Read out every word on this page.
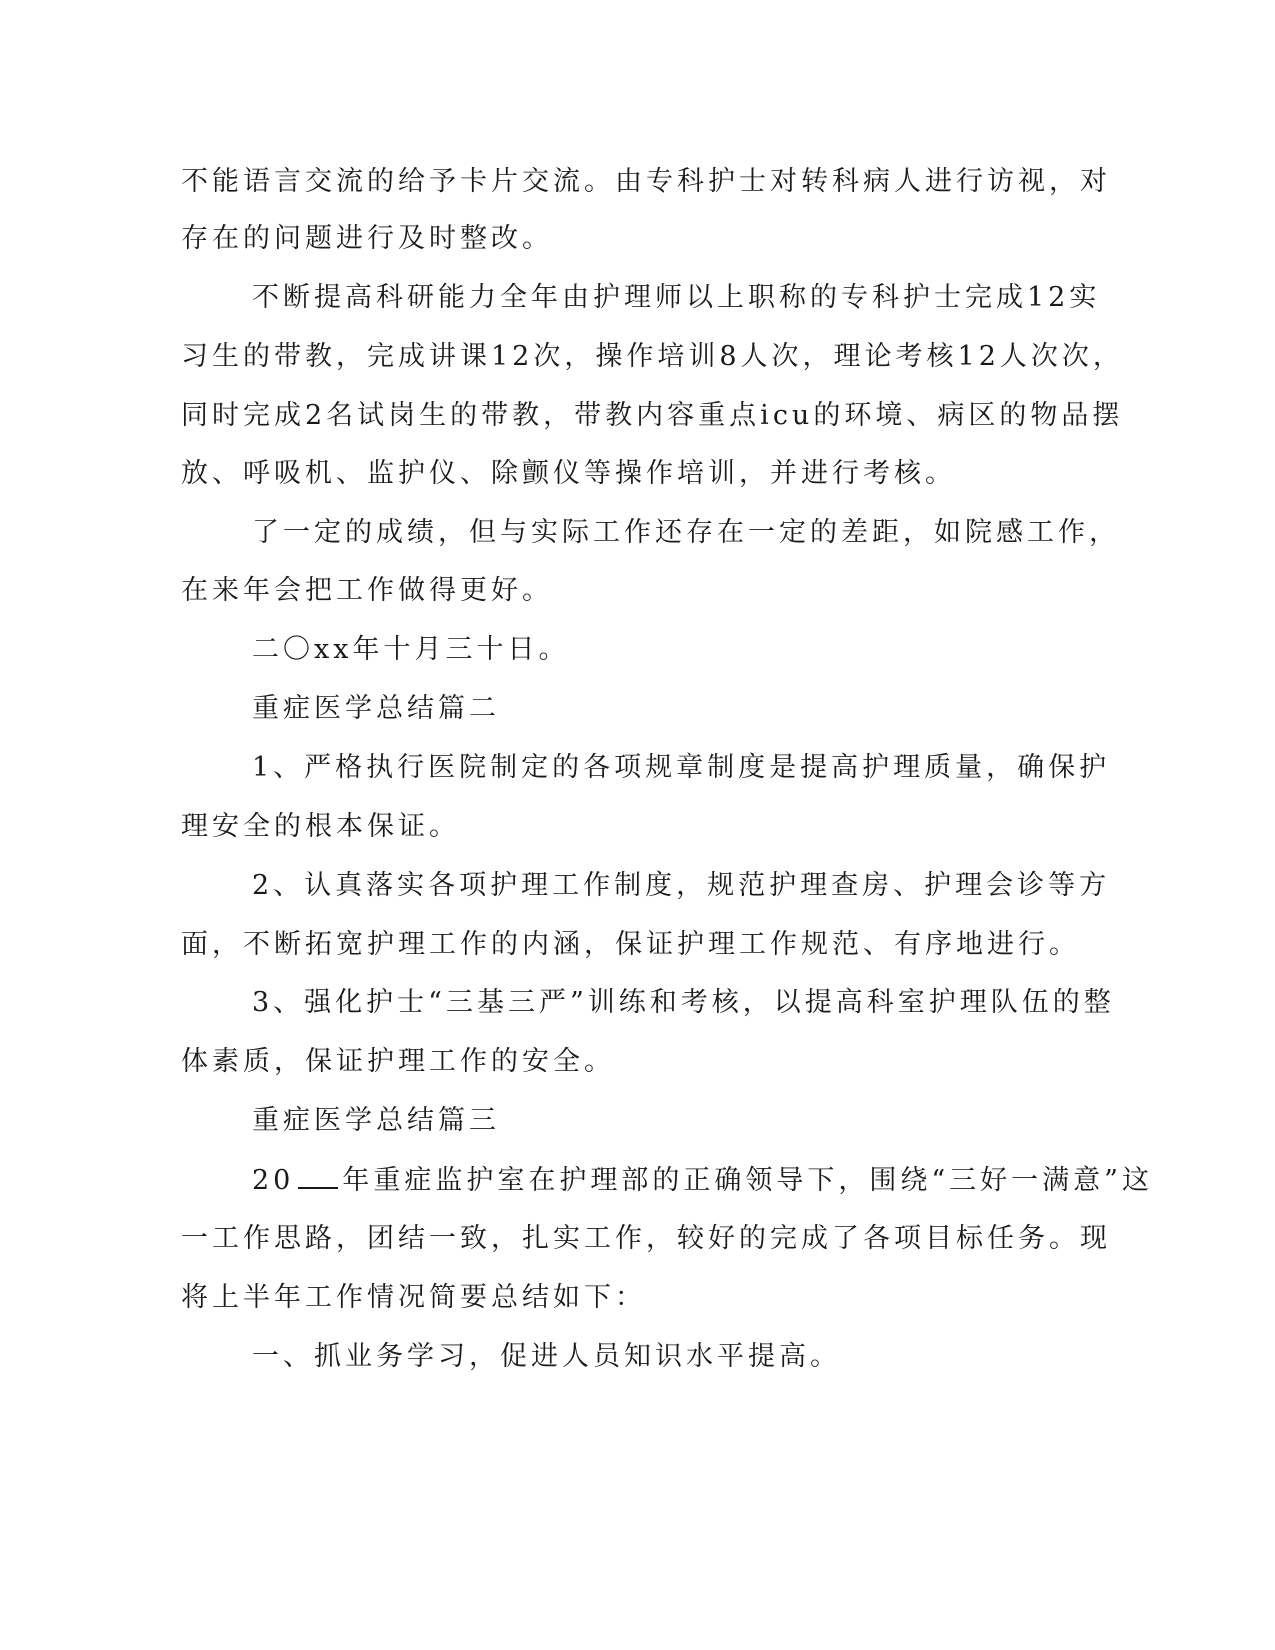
不能语言交流的给予卡片交流。由专科护士对转科病人进行访视，对
存在的问题进行及时整改。
不断提高科研能力全年由护理师以上职称的专科护士完成12实
习生的带教，完成讲课12次，操作培训8人次，理论考核12人次次，
同时完成2名试岗生的带教，带教内容重点icu的环境、病区的物品摆
放、呼吸机、监护仪、除颤仪等操作培训，并进行考核。
了一定的成绩，但与实际工作还存在一定的差距，如院感工作，
在来年会把工作做得更好。
二〇xx年十月三十日。
重症医学总结篇二
1、严格执行医院制定的各项规章制度是提高护理质量，确保护
理安全的根本保证。
2、认真落实各项护理工作制度，规范护理查房、护理会诊等方
面，不断拓宽护理工作的内涵，保证护理工作规范、有序地进行。
3、强化护士“三基三严”训练和考核，以提高科室护理队伍的整
体素质，保证护理工作的安全。
重症医学总结篇三
20 年重症监护室在护理部的正确领导下，围绕“三好一满意”这
一工作思路，团结一致，扎实工作，较好的完成了各项目标任务。现
将上半年工作情况简要总结如下：
一、抓业务学习，促进人员知识水平提高。
